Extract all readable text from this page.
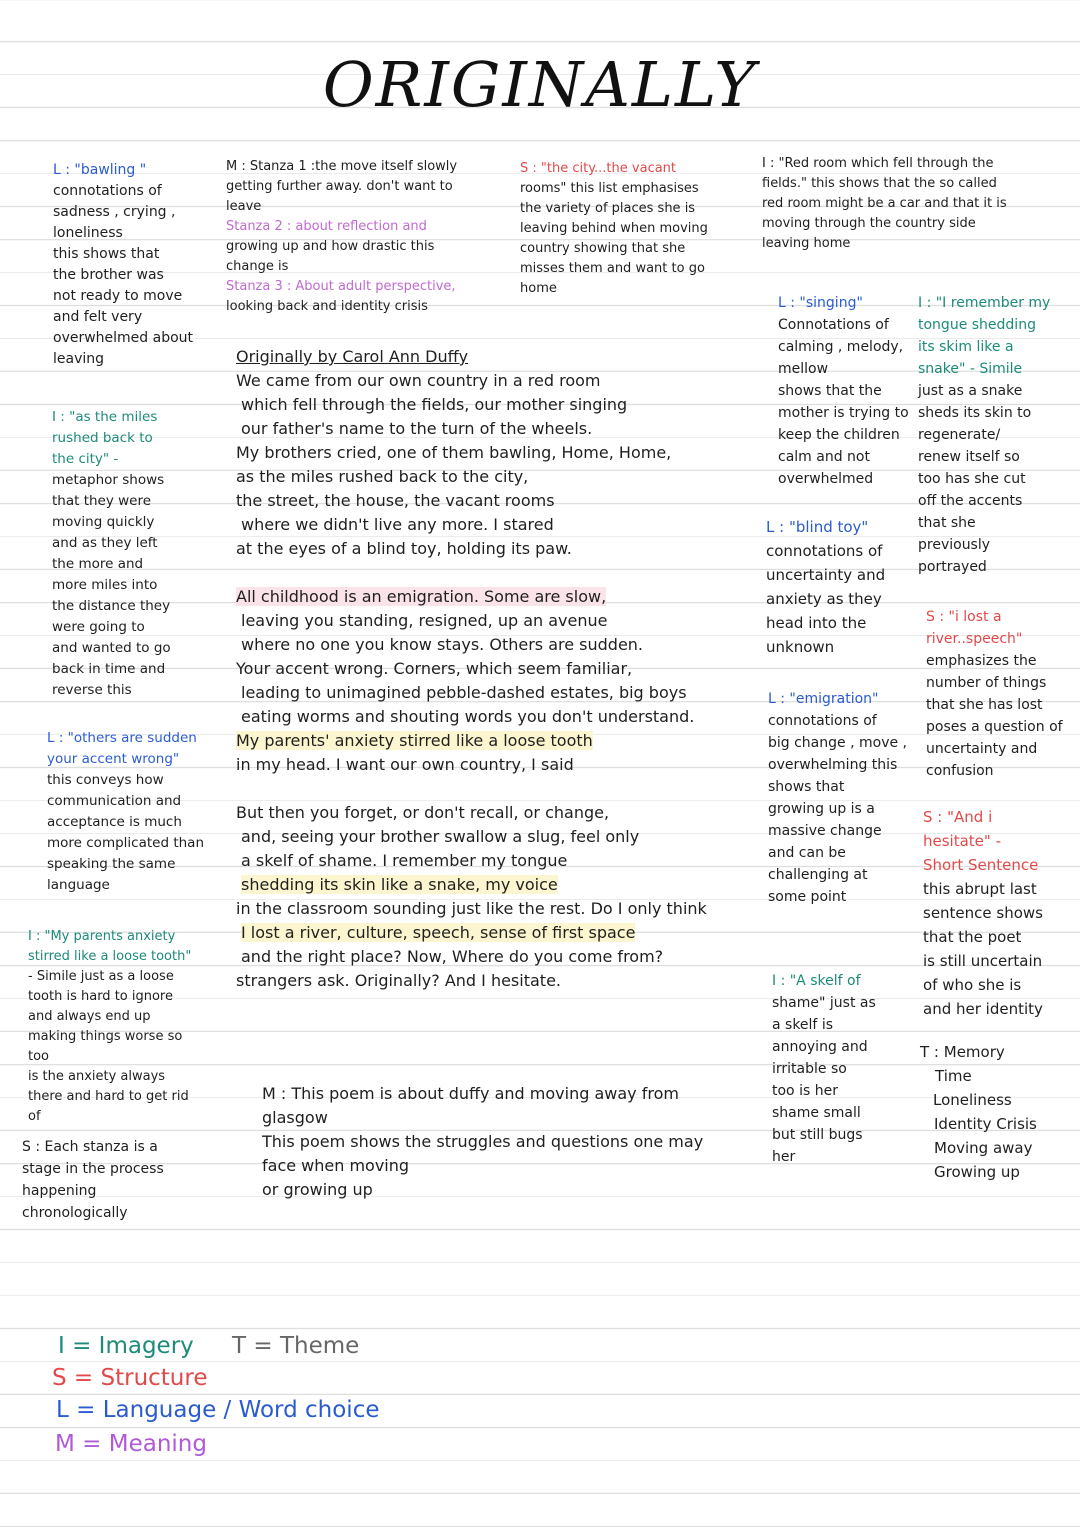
ORIGINALLY
L : "bawling "
connotations of
sadness , crying ,
loneliness
this shows that
the brother was
not ready to move
and felt very
overwhelmed about
leaving
I : "as the miles
rushed back to
the city" -
metaphor shows
that they were
moving quickly
and as they left
the more and
more miles into
the distance they
were going to
and wanted to go
back in time and
reverse this
L : "others are sudden
your accent wrong"
this conveys how
communication and
acceptance is much
more complicated than
speaking the same
language
I : "My parents anxiety
stirred like a loose tooth"
- Simile just as a loose
tooth is hard to ignore
and always end up
making things worse so
too
is the anxiety always
there and hard to get rid
of
S : Each stanza is a
stage in the process
happening
chronologically
M : Stanza 1 :the move itself slowly
getting further away. don't want to
leave
Stanza 2 : about reflection and
growing up and how drastic this
change is
Stanza 3 : About adult perspective,
looking back and identity crisis
S : "the city...the vacant
rooms" this list emphasises
the variety of places she is
leaving behind when moving
country showing that she
misses them and want to go
home
I : "Red room which fell through the
fields." this shows that the so called
red room might be a car and that it is
moving through the country side
leaving home
L : "singing"
Connotations of
calming , melody,
mellow
shows that the
mother is trying to
keep the children
calm and not
overwhelmed
I : "I remember my
tongue shedding
its skim like a
snake" - Simile
just as a snake
sheds its skin to
regenerate/
renew itself so
too has she cut
off the accents
that she
previously
portrayed
L : "blind toy"
connotations of
uncertainty and
anxiety as they
head into the
unknown
S : "i lost a
river..speech"
emphasizes the
number of things
that she has lost
poses a question of
uncertainty and
confusion
L : "emigration"
connotations of
big change , move ,
overwhelming this
shows that
growing up is a
massive change
and can be
challenging at
some point
S : "And i
hesitate" -
Short Sentence
this abrupt last
sentence shows
that the poet
is still uncertain
of who she is
and her identity
I : "A skelf of
shame" just as
a skelf is
annoying and
irritable so
too is her
shame small
but still bugs
her
T : Memory
Time
Loneliness
Identity Crisis
Moving away
Growing up
Originally by Carol Ann Duffy
We came from our own country in a red room
which fell through the fields, our mother singing
our father's name to the turn of the wheels.
My brothers cried, one of them bawling, Home, Home,
as the miles rushed back to the city,
the street, the house, the vacant rooms
where we didn't live any more. I stared
at the eyes of a blind toy, holding its paw.
All childhood is an emigration. Some are slow,
leaving you standing, resigned, up an avenue
where no one you know stays. Others are sudden.
Your accent wrong. Corners, which seem familiar,
leading to unimagined pebble-dashed estates, big boys
eating worms and shouting words you don't understand.
My parents' anxiety stirred like a loose tooth
in my head. I want our own country, I said
But then you forget, or don't recall, or change,
and, seeing your brother swallow a slug, feel only
a skelf of shame. I remember my tongue
shedding its skin like a snake, my voice
in the classroom sounding just like the rest. Do I only think
I lost a river, culture, speech, sense of first space
and the right place? Now, Where do you come from?
strangers ask. Originally? And I hesitate.
M : This poem is about duffy and moving away from
glasgow
This poem shows the struggles and questions one may
face when moving
or growing up
I = Imagery T = Theme
S = Structure
L = Language / Word choice
M = Meaning
